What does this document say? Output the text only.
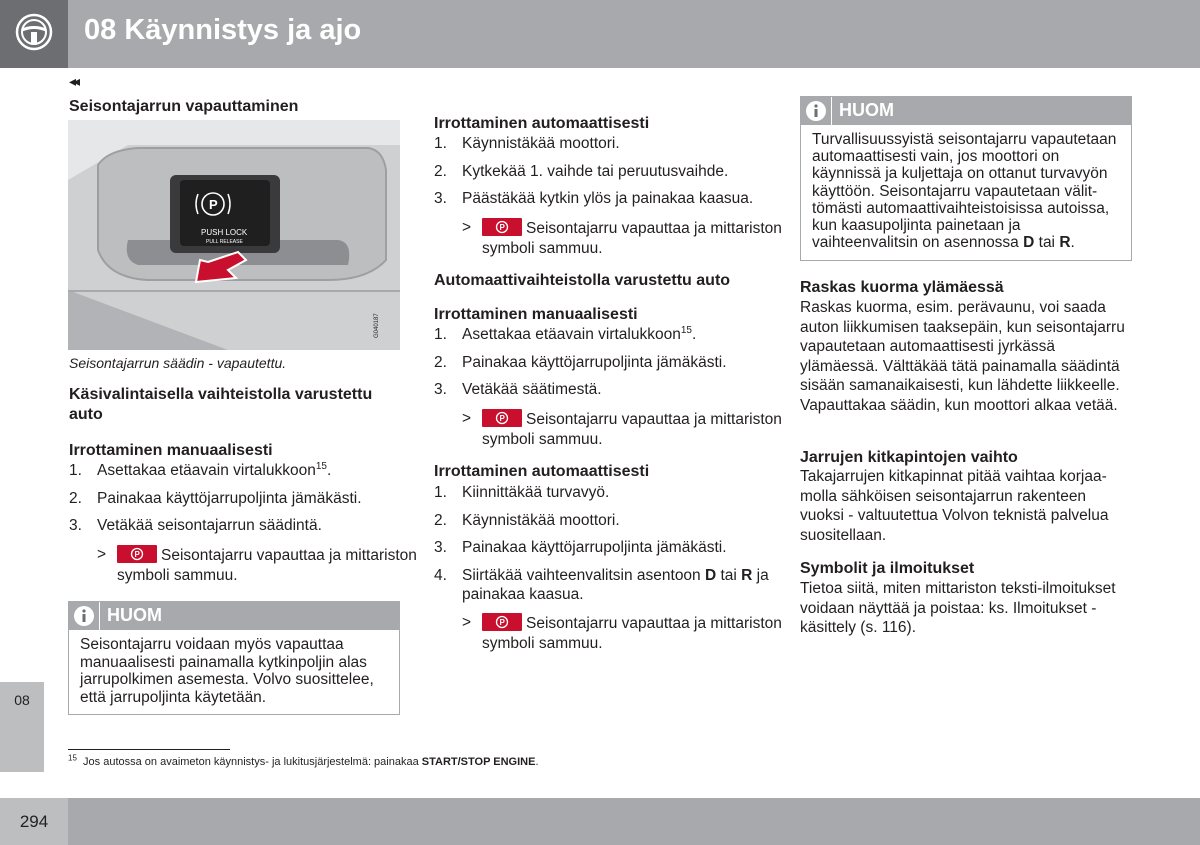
08 Käynnistys ja ajo
◂◂
08
Seisontajarrun vapauttaminen
P
PUSH LOCK
PULL RELEASE
G040187
Seisontajarrun säädin - vapautettu.
Käsivalintaisella vaihteistolla varustettu auto
Irrottaminen manuaalisesti
1. Asettakaa etäavain virtalukkoon$^{15}$.
2. Painakaa käyttöjarrupoljinta jämäkästi.
3. Vetäkää seisontajarrun säädintä.
>	P Seisontajarru vapauttaa ja mittariston symboli sammuu.
HUOM
Seisontajarru voidaan myös vapauttaa manuaalisesti painamalla kytkinpoljin alas jarrupolkimen asemesta. Volvo suosittelee, että jarrupoljinta käytetään.
Irrottaminen automaattisesti
1. Käynnistäkää moottori.
2. Kytkekää 1. vaihde tai peruutusvaihde.
3. Päästäkää kytkin ylös ja painakaa kaasua.
>	P Seisontajarru vapauttaa ja mittariston symboli sammuu.
Automaattivaihteistolla varustettu auto
Irrottaminen manuaalisesti
1. Asettakaa etäavain virtalukkoon$^{15}$.
2. Painakaa käyttöjarrupoljinta jämäkästi.
3. Vetäkää säätimestä.
>	P Seisontajarru vapauttaa ja mittariston symboli sammuu.
Irrottaminen automaattisesti
1. Kiinnittäkää turvavyö.
2. Käynnistäkää moottori.
3. Painakaa käyttöjarrupoljinta jämäkästi.
4. Siirtäkää vaihteenvalitsin asentoon D tai R ja painakaa kaasua.
>	P Seisontajarru vapauttaa ja mittariston symboli sammuu.
HUOM
Turvallisuussyistä seisontajarru vapautetaan automaattisesti vain, jos moottori on käynnissä ja kuljettaja on ottanut turvavyön käyttöön. Seisontajarru vapautetaan välittömästi automaattivaihteistoisissa autoissa, kun kaasupoljinta painetaan ja vaihteenvalitsin on asennossa D tai R.
Raskas kuorma ylämäessä

Raskas kuorma, esim. perävaunu, voi saada auton liikkumisen taaksepäin, kun seisontajarru vapautetaan automaattisesti jyrkässä ylämäessä. Välttäkää tätä painamalla säädintä sisään samanaikaisesti, kun lähdette liikkeelle. Vapauttakaa säädin, kun moottori alkaa vetää.

Jarrujen kitkapintojen vaihto

Takajarrujen kitkapinnat pitää vaihtaa korjaamolla sähköisen seisontajarrun rakenteen vuoksi - valtuutettua Volvon teknistä palvelua suositellaan.

Symbolit ja ilmoitukset

Tietoa siitä, miten mittariston teksti-ilmoitukset voidaan näyttää ja poistaa: ks. Ilmoitukset - käsittely (s. 116).

$^{15}$ Jos autossa on avaimeton käynnistys- ja lukitusjärjestelmä: painakaa START/STOP ENGINE.
294
